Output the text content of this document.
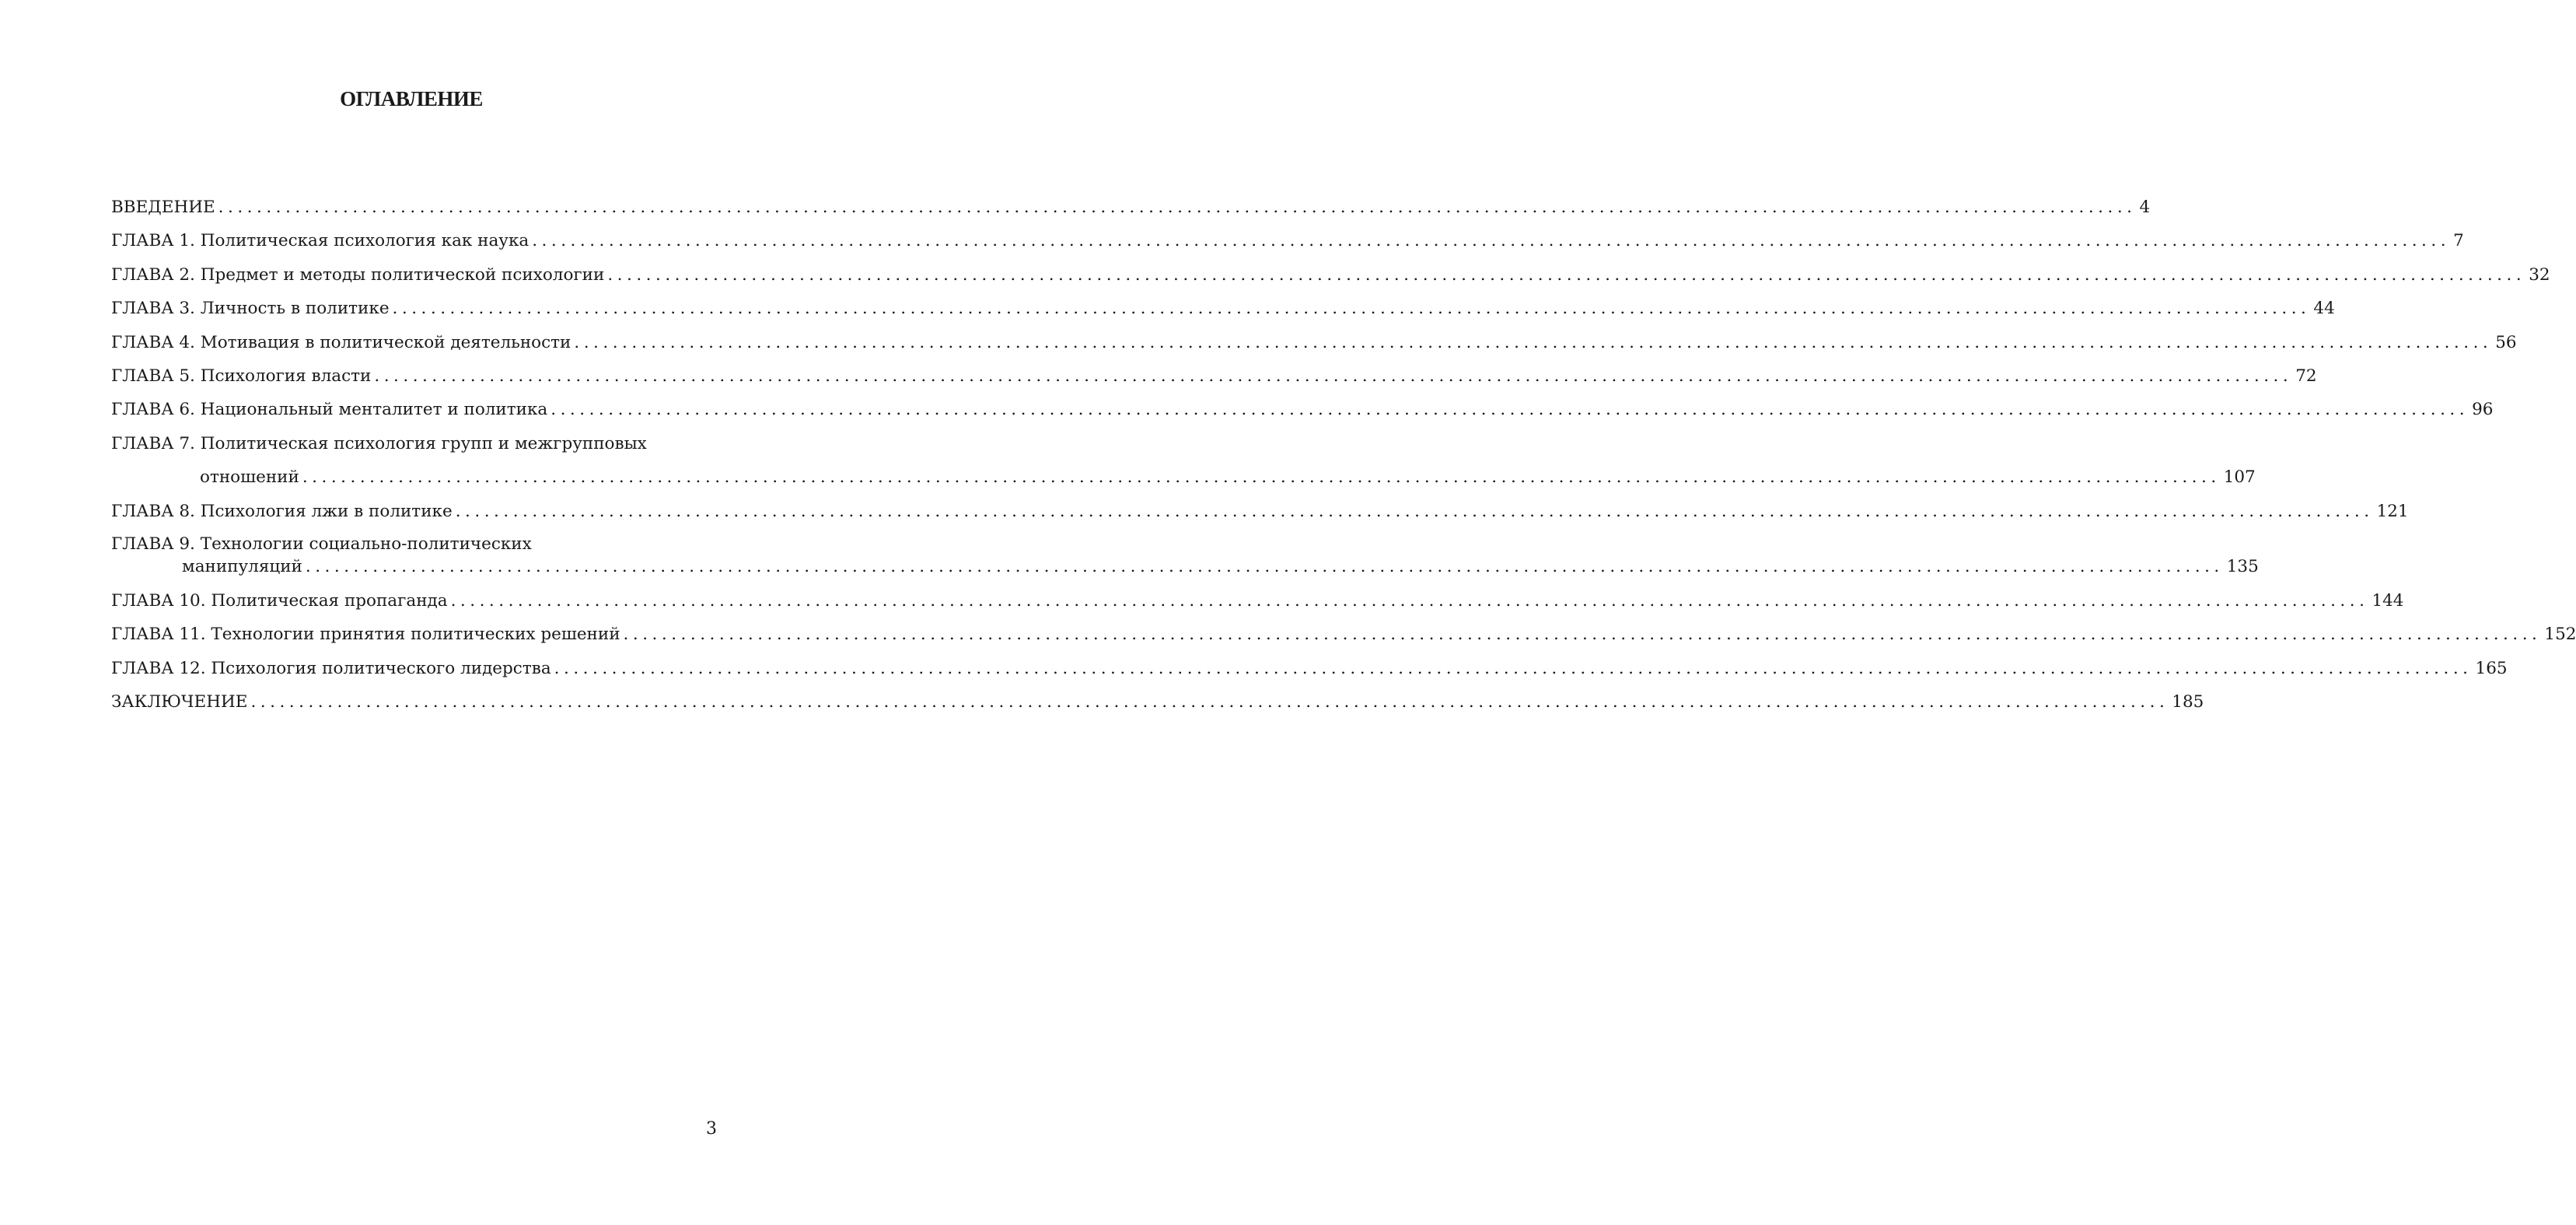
ОГЛАВЛЕНИЕ
ВВЕДЕНИЕ ........................................................................................................................................................................................................ 4
ГЛАВА 1. Политическая психология как наука ........................................................................................................................................................................................................ 7
ГЛАВА 2. Предмет и методы политической психологии ........................................................................................................................................................................................................ 32
ГЛАВА 3. Личность в политике ........................................................................................................................................................................................................ 44
ГЛАВА 4. Мотивация в политической деятельности ........................................................................................................................................................................................................ 56
ГЛАВА 5. Психология власти ........................................................................................................................................................................................................ 72
ГЛАВА 6. Национальный менталитет и политика ........................................................................................................................................................................................................ 96
ГЛАВА 7. Политическая психология групп и межгрупповых
отношений ........................................................................................................................................................................................................ 107
ГЛАВА 8. Психология лжи в политике ........................................................................................................................................................................................................ 121
ГЛАВА 9. Технологии социально-политических
манипуляций ........................................................................................................................................................................................................ 135
ГЛАВА 10. Политическая пропаганда ........................................................................................................................................................................................................ 144
ГЛАВА 11. Технологии принятия политических решений ........................................................................................................................................................................................................ 152
ГЛАВА 12. Психология политического лидерства ........................................................................................................................................................................................................ 165
ЗАКЛЮЧЕНИЕ ........................................................................................................................................................................................................ 185
3
